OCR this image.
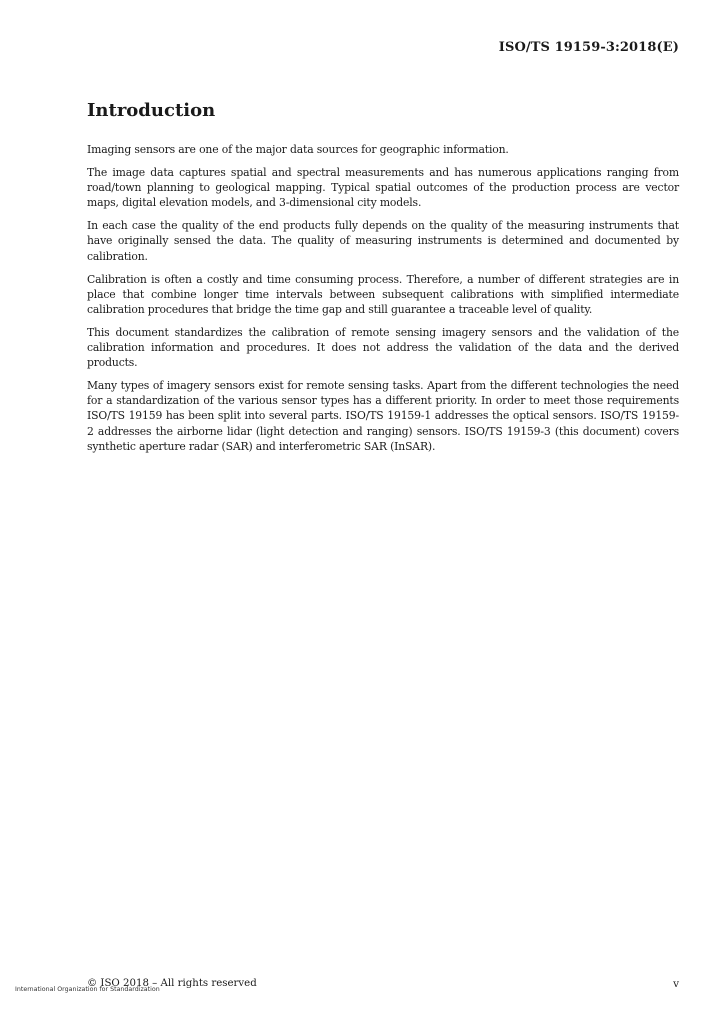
ISO/TS 19159-3:2018(E)
Introduction

Imaging sensors are one of the major data sources for geographic information.

The image data captures spatial and spectral measurements and has numerous applications ranging from road/town planning to geological mapping. Typical spatial outcomes of the production process are vector maps, digital elevation models, and 3-dimensional city models.

In each case the quality of the end products fully depends on the quality of the measuring instruments that have originally sensed the data. The quality of measuring instruments is determined and documented by calibration.

Calibration is often a costly and time consuming process. Therefore, a number of different strategies are in place that combine longer time intervals between subsequent calibrations with simplified intermediate calibration procedures that bridge the time gap and still guarantee a traceable level of quality.

This document standardizes the calibration of remote sensing imagery sensors and the validation of the calibration information and procedures. It does not address the validation of the data and the derived products.

Many types of imagery sensors exist for remote sensing tasks. Apart from the different technologies the need for a standardization of the various sensor types has a different priority. In order to meet those requirements ISO/TS 19159 has been split into several parts. ISO/TS 19159-1 addresses the optical sensors. ISO/TS 19159-2 addresses the airborne lidar (light detection and ranging) sensors. ISO/TS 19159-3 (this document) covers synthetic aperture radar (SAR) and interferometric SAR (InSAR).

International Organization for Standardization
© ISO 2018 – All rights reserved	v
